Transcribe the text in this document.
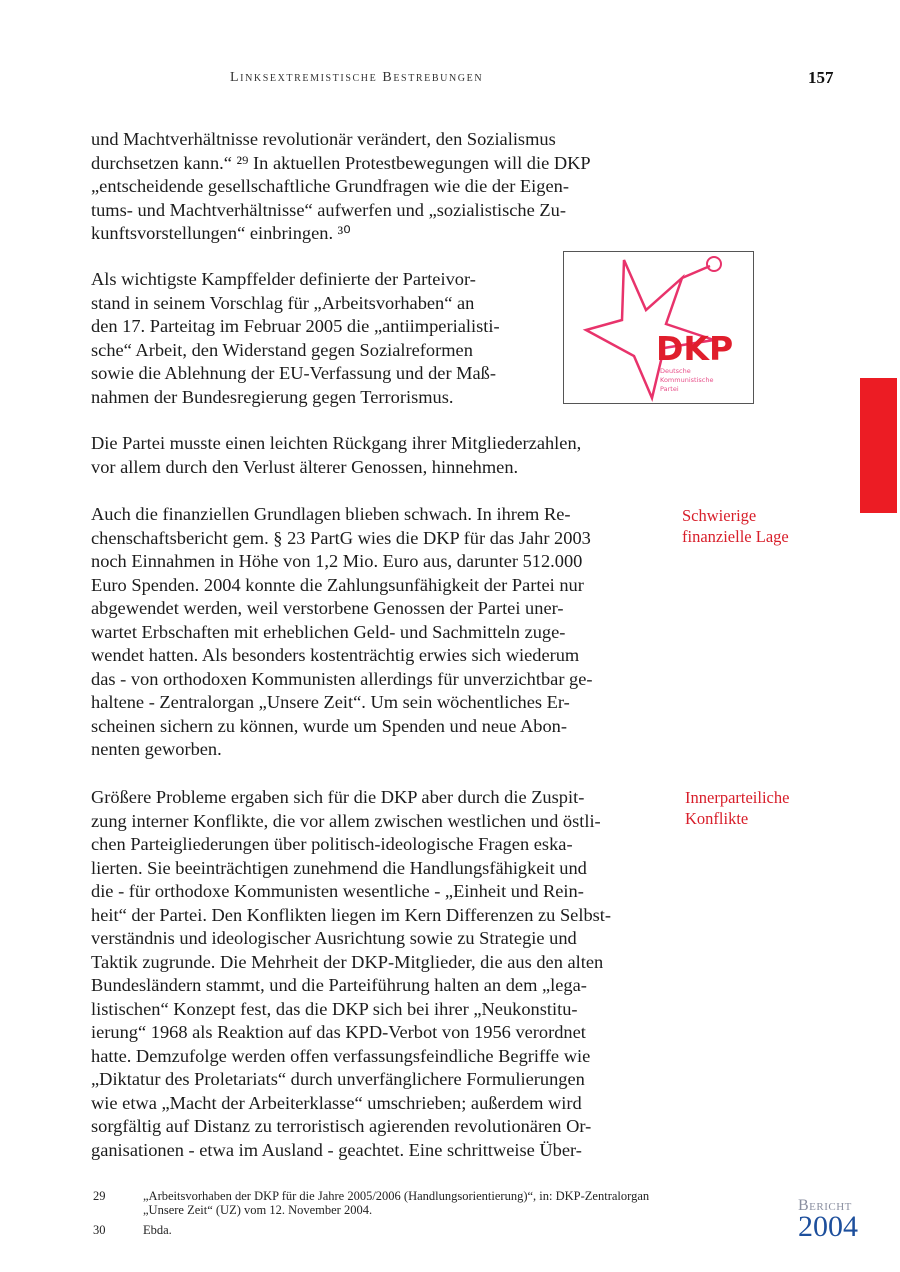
Linksextremistische Bestrebungen	157
und Machtverhältnisse revolutionär verändert, den Sozialismus
durchsetzen kann.“ ²⁹ In aktuellen Protestbewegungen will die DKP
„entscheidende gesellschaftliche Grundfragen wie die der Eigen-
tums- und Machtverhältnisse“ aufwerfen und „sozialistische Zu-
kunftsvorstellungen“ einbringen. ³⁰
Als wichtigste Kampffelder definierte der Parteivor-
stand in seinem Vorschlag für „Arbeitsvorhaben“ an
den 17. Parteitag im Februar 2005 die „antiimperialisti-
sche“ Arbeit, den Widerstand gegen Sozialreformen
sowie die Ablehnung der EU-Verfassung und der Maß-
nahmen der Bundesregierung gegen Terrorismus.
DKP
Deutsche
Kommunistische
Partei
Die Partei musste einen leichten Rückgang ihrer Mitgliederzahlen,
vor allem durch den Verlust älterer Genossen, hinnehmen.
Auch die finanziellen Grundlagen blieben schwach. In ihrem Re-
chenschaftsbericht gem. § 23 PartG wies die DKP für das Jahr 2003
noch Einnahmen in Höhe von 1,2 Mio. Euro aus, darunter 512.000
Euro Spenden. 2004 konnte die Zahlungsunfähigkeit der Partei nur
abgewendet werden, weil verstorbene Genossen der Partei uner-
wartet Erbschaften mit erheblichen Geld- und Sachmitteln zuge-
wendet hatten. Als besonders kostenträchtig erwies sich wiederum
das - von orthodoxen Kommunisten allerdings für unverzichtbar ge-
haltene - Zentralorgan „Unsere Zeit“. Um sein wöchentliches Er-
scheinen sichern zu können, wurde um Spenden und neue Abon-
nenten geworben.
Größere Probleme ergaben sich für die DKP aber durch die Zuspit-
zung interner Konflikte, die vor allem zwischen westlichen und östli-
chen Parteigliederungen über politisch-ideologische Fragen eska-
lierten. Sie beeinträchtigen zunehmend die Handlungsfähigkeit und
die - für orthodoxe Kommunisten wesentliche - „Einheit und Rein-
heit“ der Partei. Den Konflikten liegen im Kern Differenzen zu Selbst-
verständnis und ideologischer Ausrichtung sowie zu Strategie und
Taktik zugrunde. Die Mehrheit der DKP-Mitglieder, die aus den alten
Bundesländern stammt, und die Parteiführung halten an dem „lega-
listischen“ Konzept fest, das die DKP sich bei ihrer „Neukonstitu-
ierung“ 1968 als Reaktion auf das KPD-Verbot von 1956 verordnet
hatte. Demzufolge werden offen verfassungsfeindliche Begriffe wie
„Diktatur des Proletariats“ durch unverfänglichere Formulierungen
wie etwa „Macht der Arbeiterklasse“ umschrieben; außerdem wird
sorgfältig auf Distanz zu terroristisch agierenden revolutionären Or-
ganisationen - etwa im Ausland - geachtet. Eine schrittweise Über-
Schwierige
finanzielle Lage
Innerparteiliche
Konflikte
29	„Arbeitsvorhaben der DKP für die Jahre 2005/2006 (Handlungsorientierung)“, in: DKP-Zentralorgan „Unsere Zeit“ (UZ) vom 12. November 2004.
30	Ebda.
Bericht
2004
